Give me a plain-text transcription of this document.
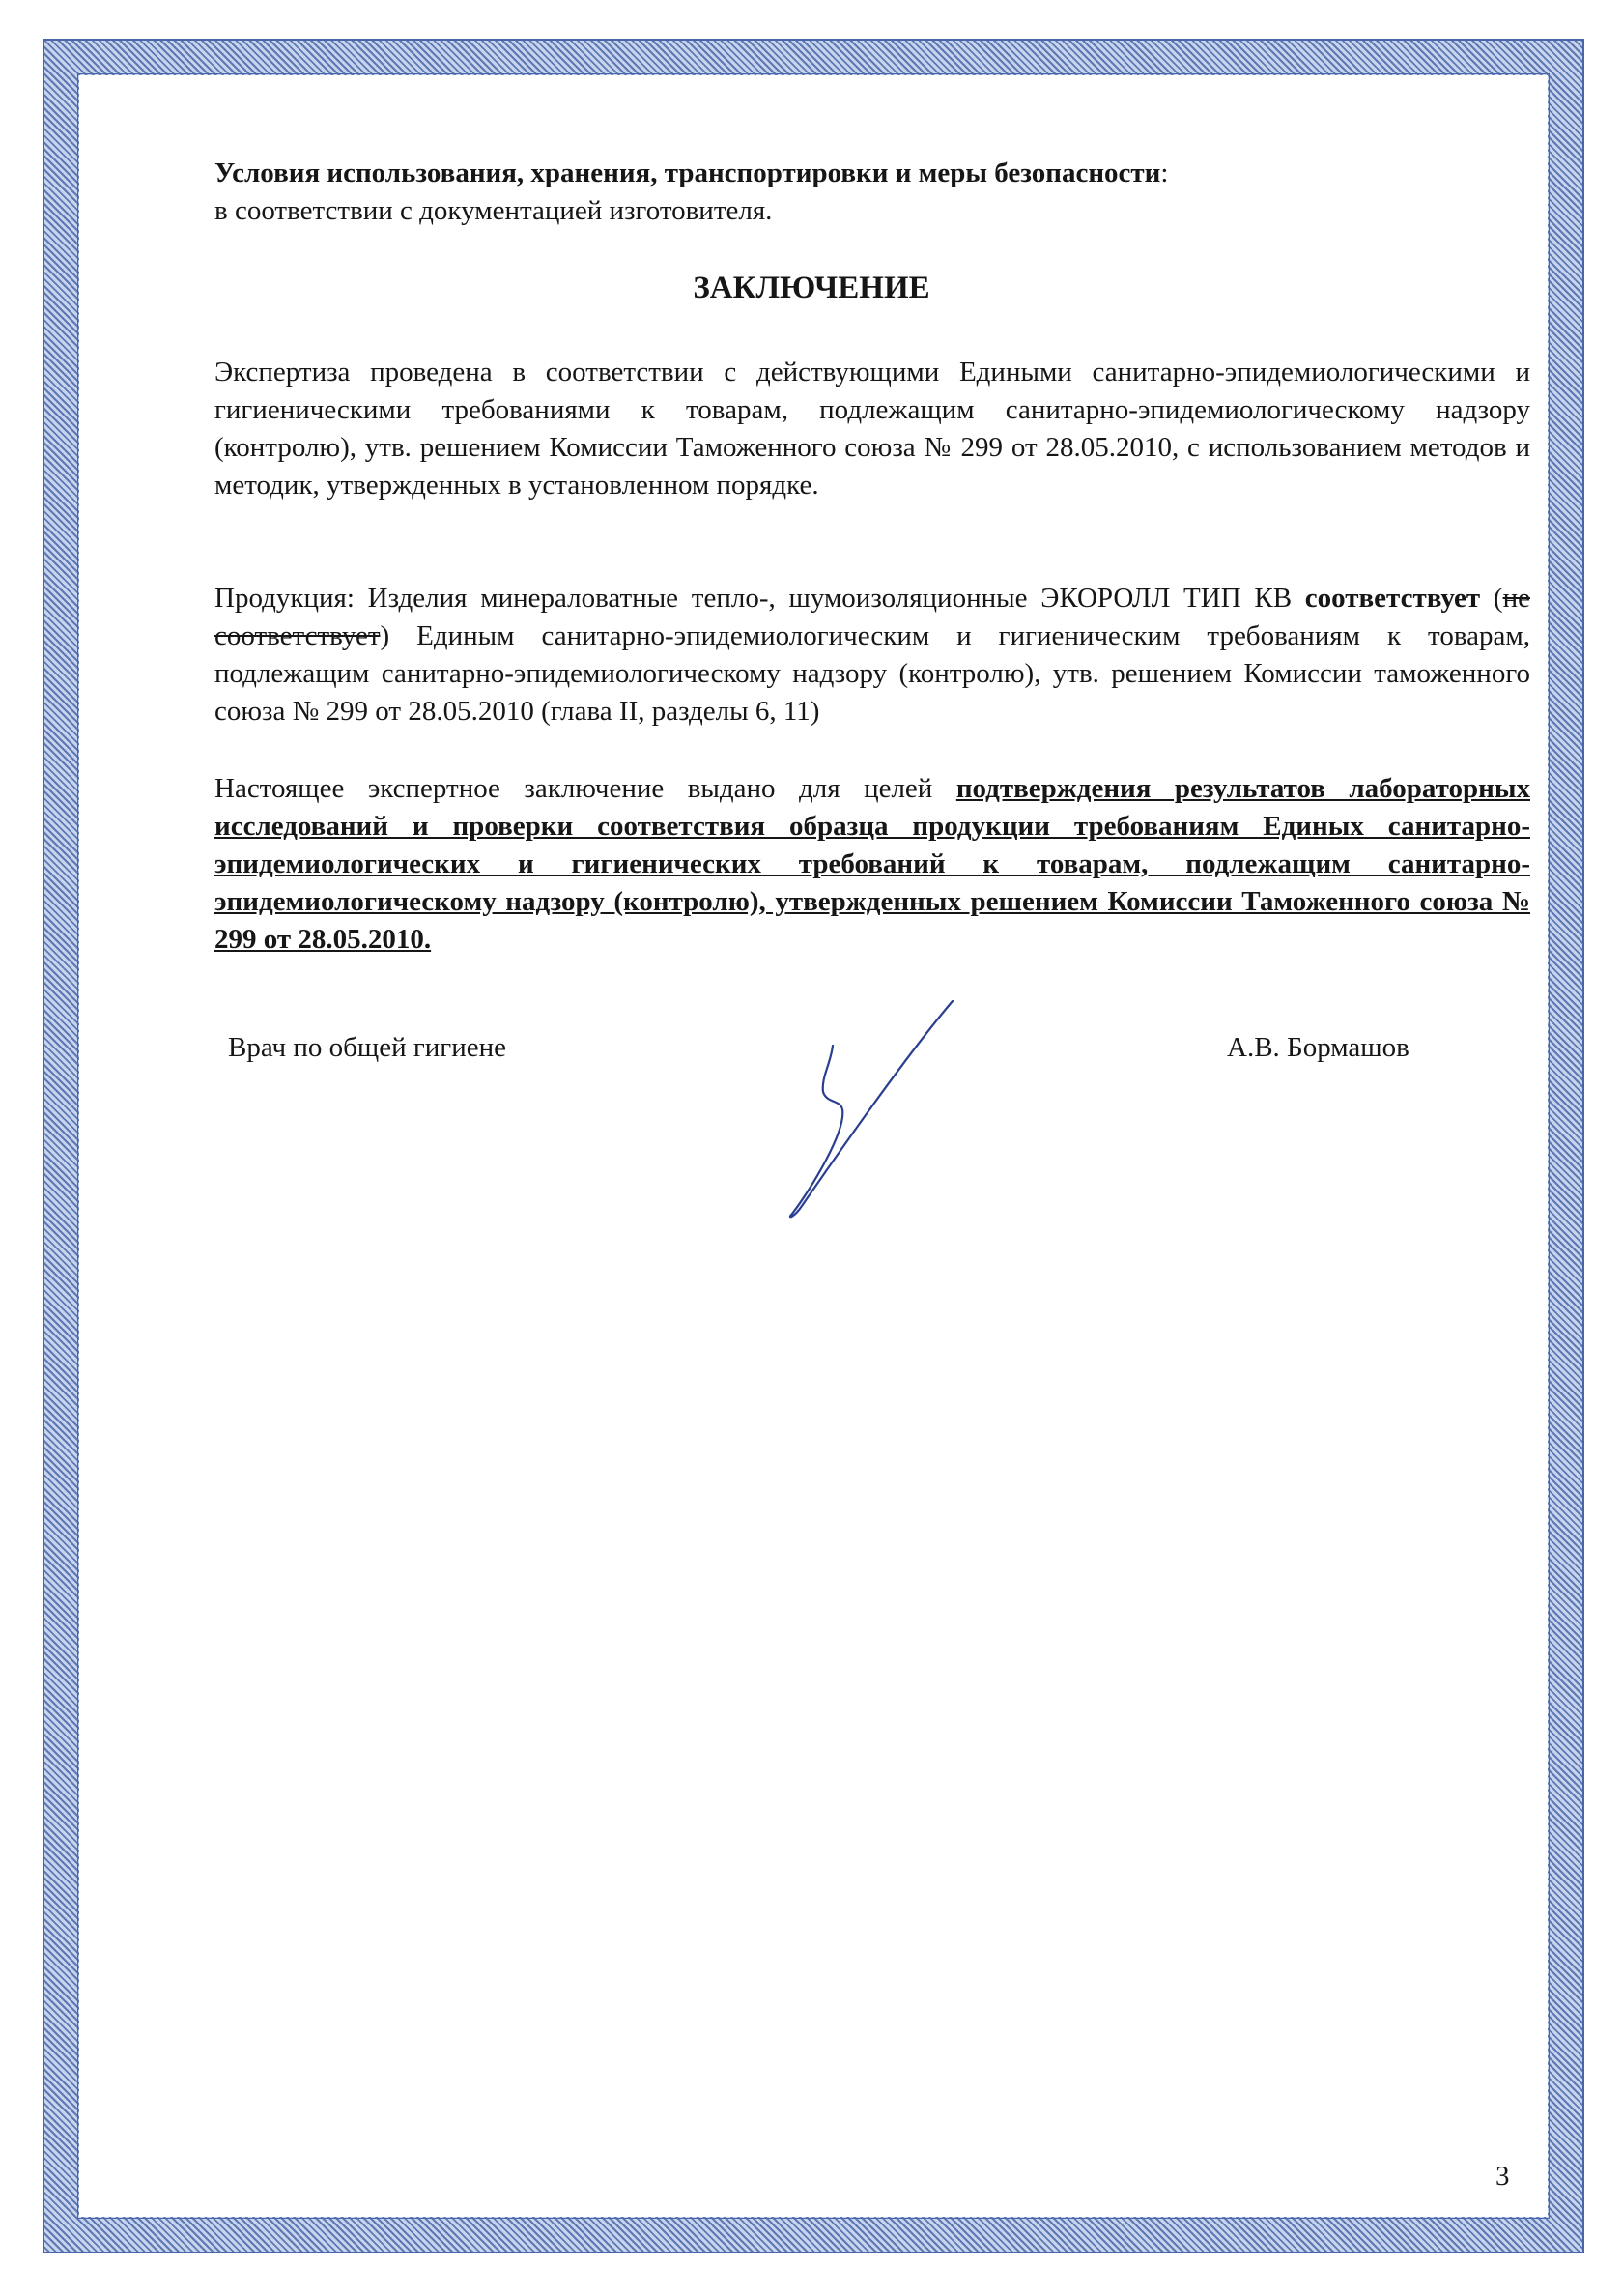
Условия использования, хранения, транспортировки и меры безопасности:
в соответствии с документацией изготовителя.
ЗАКЛЮЧЕНИЕ
Экспертиза проведена в соответствии с действующими Едиными санитарно-эпидемиологическими и гигиеническими требованиями к товарам, подлежащим санитарно-эпидемиологическому надзору (контролю), утв. решением Комиссии Таможенного союза № 299 от 28.05.2010, с использованием методов и методик, утвержденных в установленном порядке.
Продукция: Изделия минераловатные тепло-, шумоизоляционные ЭКОРОЛЛ ТИП КВ соответствует (не соответствует) Единым санитарно-эпидемиологическим и гигиеническим требованиям к товарам, подлежащим санитарно-эпидемиологическому надзору (контролю), утв. решением Комиссии таможенного союза № 299 от 28.05.2010 (глава II, разделы 6, 11)
Настоящее экспертное заключение выдано для целей подтверждения результатов лабораторных исследований и проверки соответствия образца продукции требованиям Единых санитарно-эпидемиологических и гигиенических требований к товарам, подлежащим санитарно-эпидемиологическому надзору (контролю), утвержденных решением Комиссии Таможенного союза № 299 от 28.05.2010.
Врач по общей гигиене	А.В. Бормашов
3
